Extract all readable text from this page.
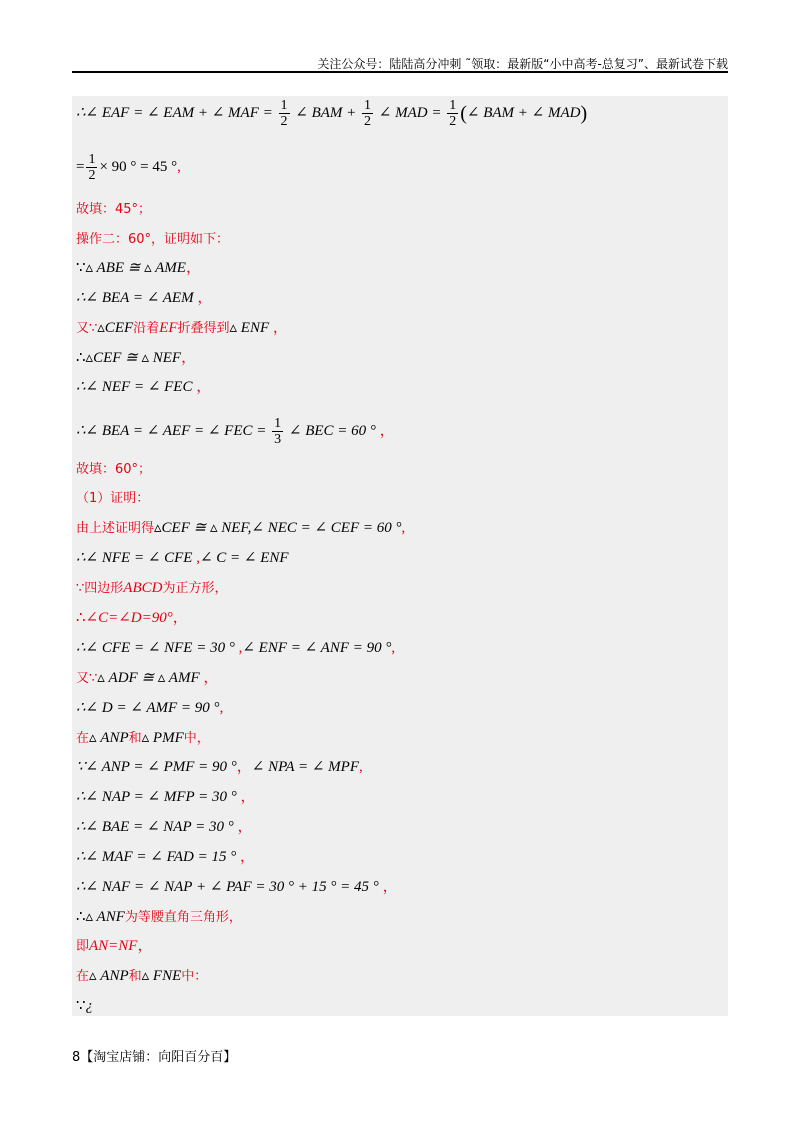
关注公众号：陆陆高分冲刺 ˜领取：最新版“小中高考-总复习”、最新试卷下载
∴∠ EAF = ∠ EAM + ∠ MAF = $\frac{1}{2}$ ∠ BAM + $\frac{1}{2}$ ∠ MAD = $\frac{1}{2}$ (∠ BAM + ∠ MAD)
= $\frac{1}{2} \times 90$ ° = 45 °,
故填：45°；
操作二：60°，证明如下：
∵▵ ABE ≅ ▵ AME，
∴∠ BEA = ∠ AEM ，
又∵▵CEF沿着EF折叠得到▵ ENF ，
∴▵CEF ≅ ▵ NEF，
∴∠ NEF = ∠ FEC ，
∴∠ BEA = ∠ AEF = ∠ FEC = $\frac{1}{3}$ ∠ BEC = 60 ° ，
故填：60°；
（1）证明：
由上述证明得▵CEF ≅ ▵ NEF,∠ NEC = ∠ CEF = 60 °,
∴∠ NFE = ∠ CFE ,∠ C = ∠ ENF
∵四边形ABCD为正方形，
∴∠C=∠D=90°，
∴∠ CFE = ∠ NFE = 30 ° ,∠ ENF = ∠ ANF = 90 °,
又∵▵ ADF ≅ ▵ AMF ，
∴∠ D = ∠ AMF = 90 °,
在▵ ANP和▵ PMF中，
∵∠ ANP = ∠ PMF = 90 °，∠ NPA = ∠ MPF,
∴∠ NAP = ∠ MFP = 30 ° ，
∴∠ BAE = ∠ NAP = 30 ° ，
∴∠ MAF = ∠ FAD = 15 ° ，
∴∠ NAF = ∠ NAP + ∠ PAF = 30 ° + 15 ° = 45 ° ，
∴▵ ANF为等腰直角三角形，
即AN=NF，
在▵ ANP和▵ FNE中：
∵¿
8【淘宝店铺：向阳百分百】
